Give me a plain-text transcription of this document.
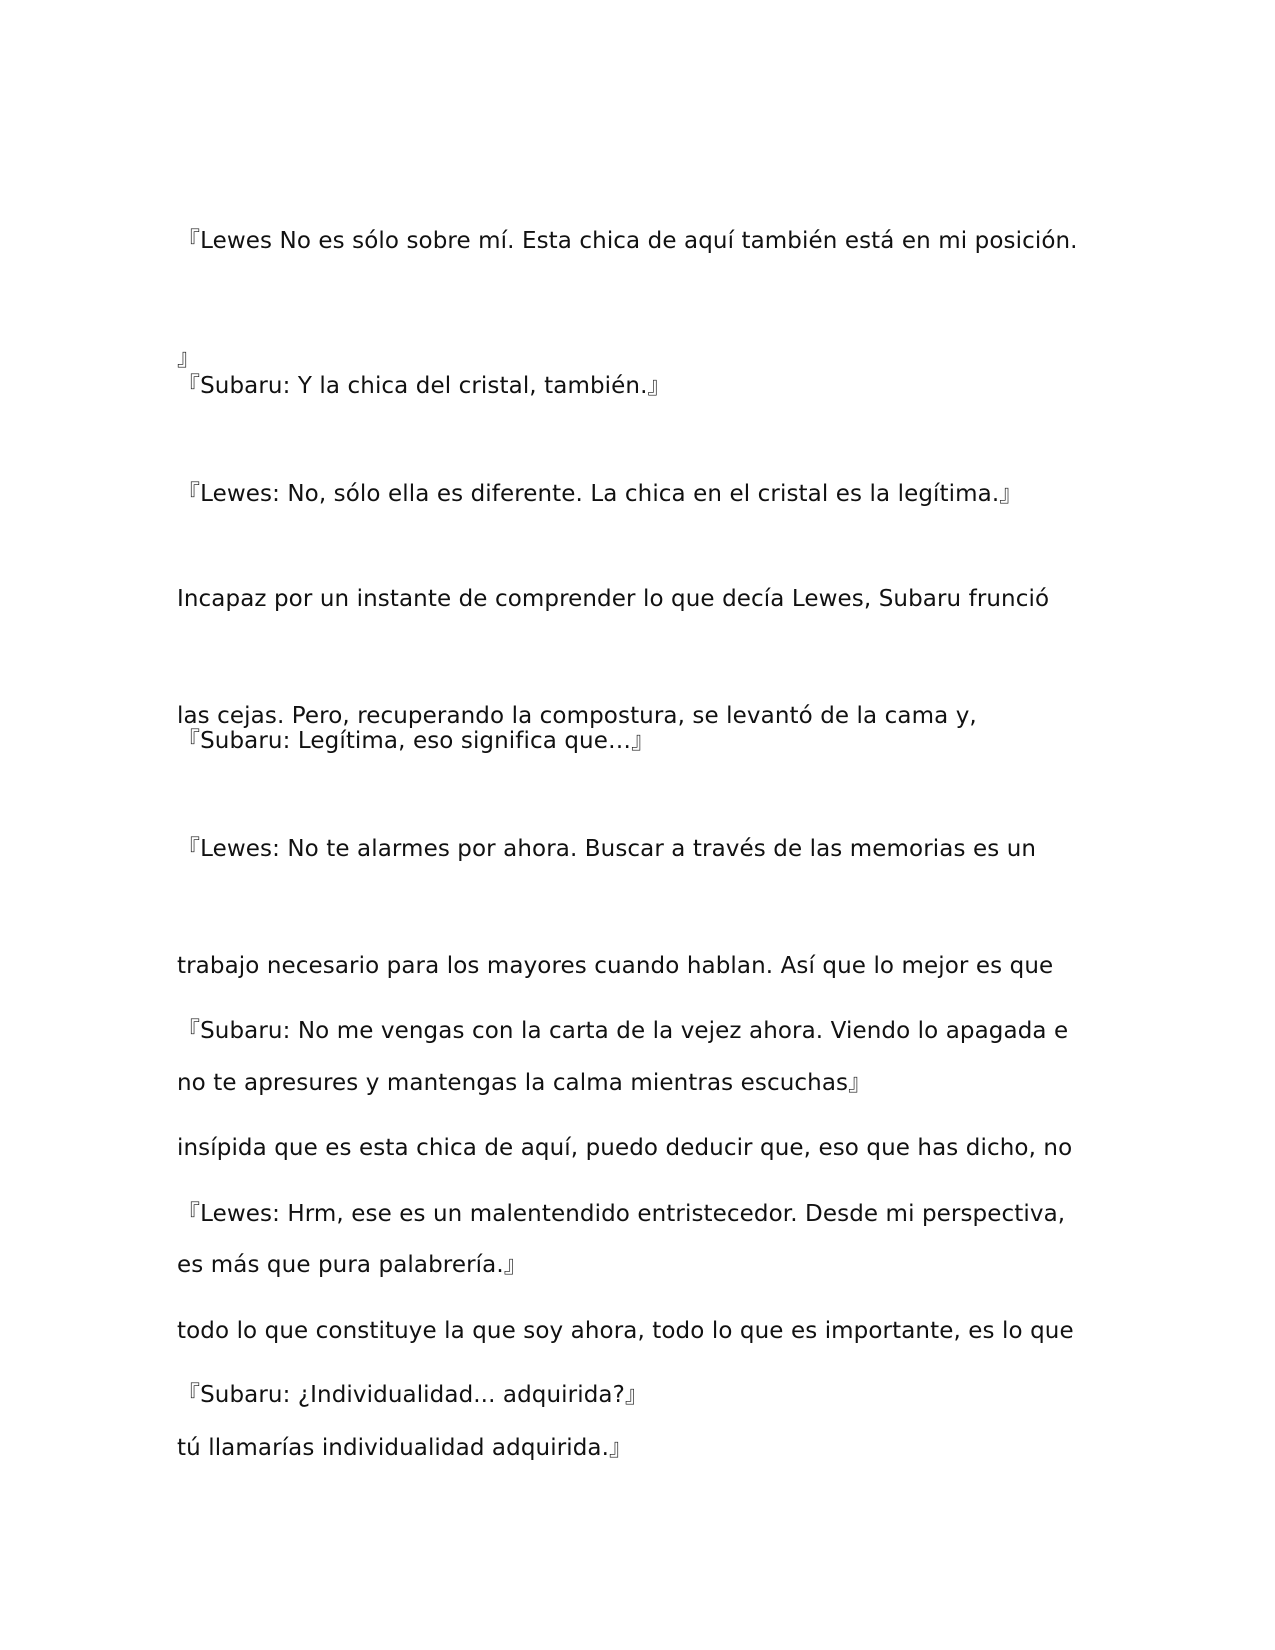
『Lewes No es sólo sobre mí. Esta chica de aquí también está en mi posición.

』

『Subaru: Y la chica del cristal, también.』

『Lewes: No, sólo ella es diferente. La chica en el cristal es la legítima.』

Incapaz por un instante de comprender lo que decía Lewes, Subaru frunció

las cejas. Pero, recuperando la compostura, se levantó de la cama y,

『Subaru: Legítima, eso significa que…』

『Lewes: No te alarmes por ahora. Buscar a través de las memorias es un

trabajo necesario para los mayores cuando hablan. Así que lo mejor es que

no te apresures y mantengas la calma mientras escuchas』

『Subaru: No me vengas con la carta de la vejez ahora. Viendo lo apagada e

insípida que es esta chica de aquí, puedo deducir que, eso que has dicho, no

es más que pura palabrería.』

『Lewes: Hrm, ese es un malentendido entristecedor. Desde mi perspectiva,

todo lo que constituye la que soy ahora, todo lo que es importante, es lo que

tú llamarías individualidad adquirida.』

『Subaru: ¿Individualidad... adquirida?』
